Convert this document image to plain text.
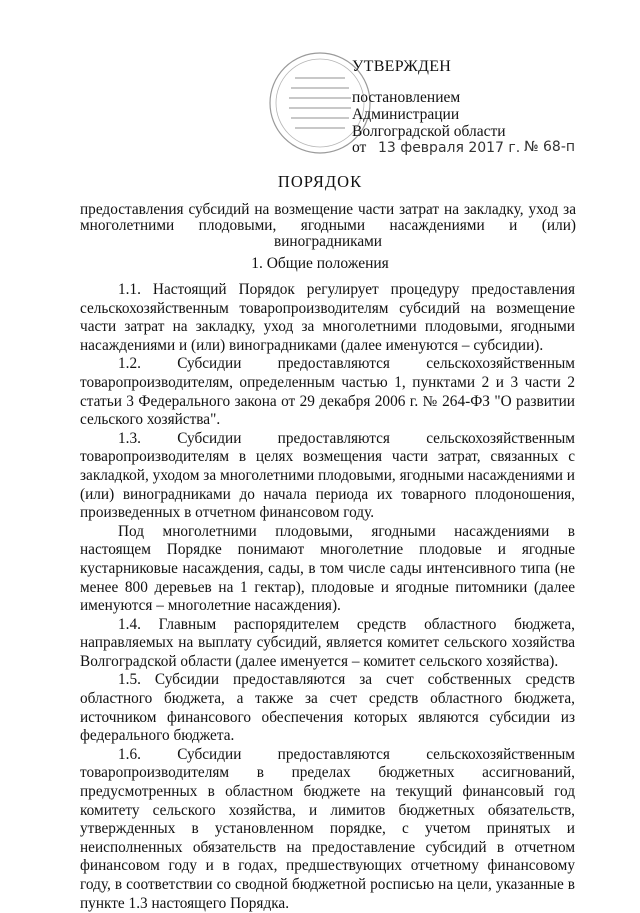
УТВЕРЖДЕН
постановлением
Администрации
Волгоградской области
от 13 февраля 2017 г. № 68-п
ПОРЯДОК
предоставления субсидий на возмещение части затрат на закладку, уход за многолетними плодовыми, ягодными насаждениями и (или) виноградниками
1. Общие положения

1.1. Настоящий Порядок регулирует процедуру предоставления сельскохозяйственным товаропроизводителям субсидий на возмещение части затрат на закладку, уход за многолетними плодовыми, ягодными насаждениями и (или) виноградниками (далее именуются – субсидии).

1.2. Субсидии предоставляются сельскохозяйственным товаропроизводителям, определенным частью 1, пунктами 2 и 3 части 2 статьи 3 Федерального закона от 29 декабря 2006 г. № 264-ФЗ "О развитии сельского хозяйства".

1.3. Субсидии предоставляются сельскохозяйственным товаропроизводителям в целях возмещения части затрат, связанных с закладкой, уходом за многолетними плодовыми, ягодными насаждениями и (или) виноградниками до начала периода их товарного плодоношения, произведенных в отчетном финансовом году.

Под многолетними плодовыми, ягодными насаждениями в настоящем Порядке понимают многолетние плодовые и ягодные кустарниковые насаждения, сады, в том числе сады интенсивного типа (не менее 800 деревьев на 1 гектар), плодовые и ягодные питомники (далее именуются – многолетние насаждения).

1.4. Главным распорядителем средств областного бюджета, направляемых на выплату субсидий, является комитет сельского хозяйства Волгоградской области (далее именуется – комитет сельского хозяйства).

1.5. Субсидии предоставляются за счет собственных средств областного бюджета, а также за счет средств областного бюджета, источником финансового обеспечения которых являются субсидии из федерального бюджета.

1.6. Субсидии предоставляются сельскохозяйственным товаропроизводителям в пределах бюджетных ассигнований, предусмотренных в областном бюджете на текущий финансовый год комитету сельского хозяйства, и лимитов бюджетных обязательств, утвержденных в установленном порядке, с учетом принятых и неисполненных обязательств на предоставление субсидий в отчетном финансовом году и в годах, предшествующих отчетному финансовому году, в соответствии со сводной бюджетной росписью на цели, указанные в пункте 1.3 настоящего Порядка.
